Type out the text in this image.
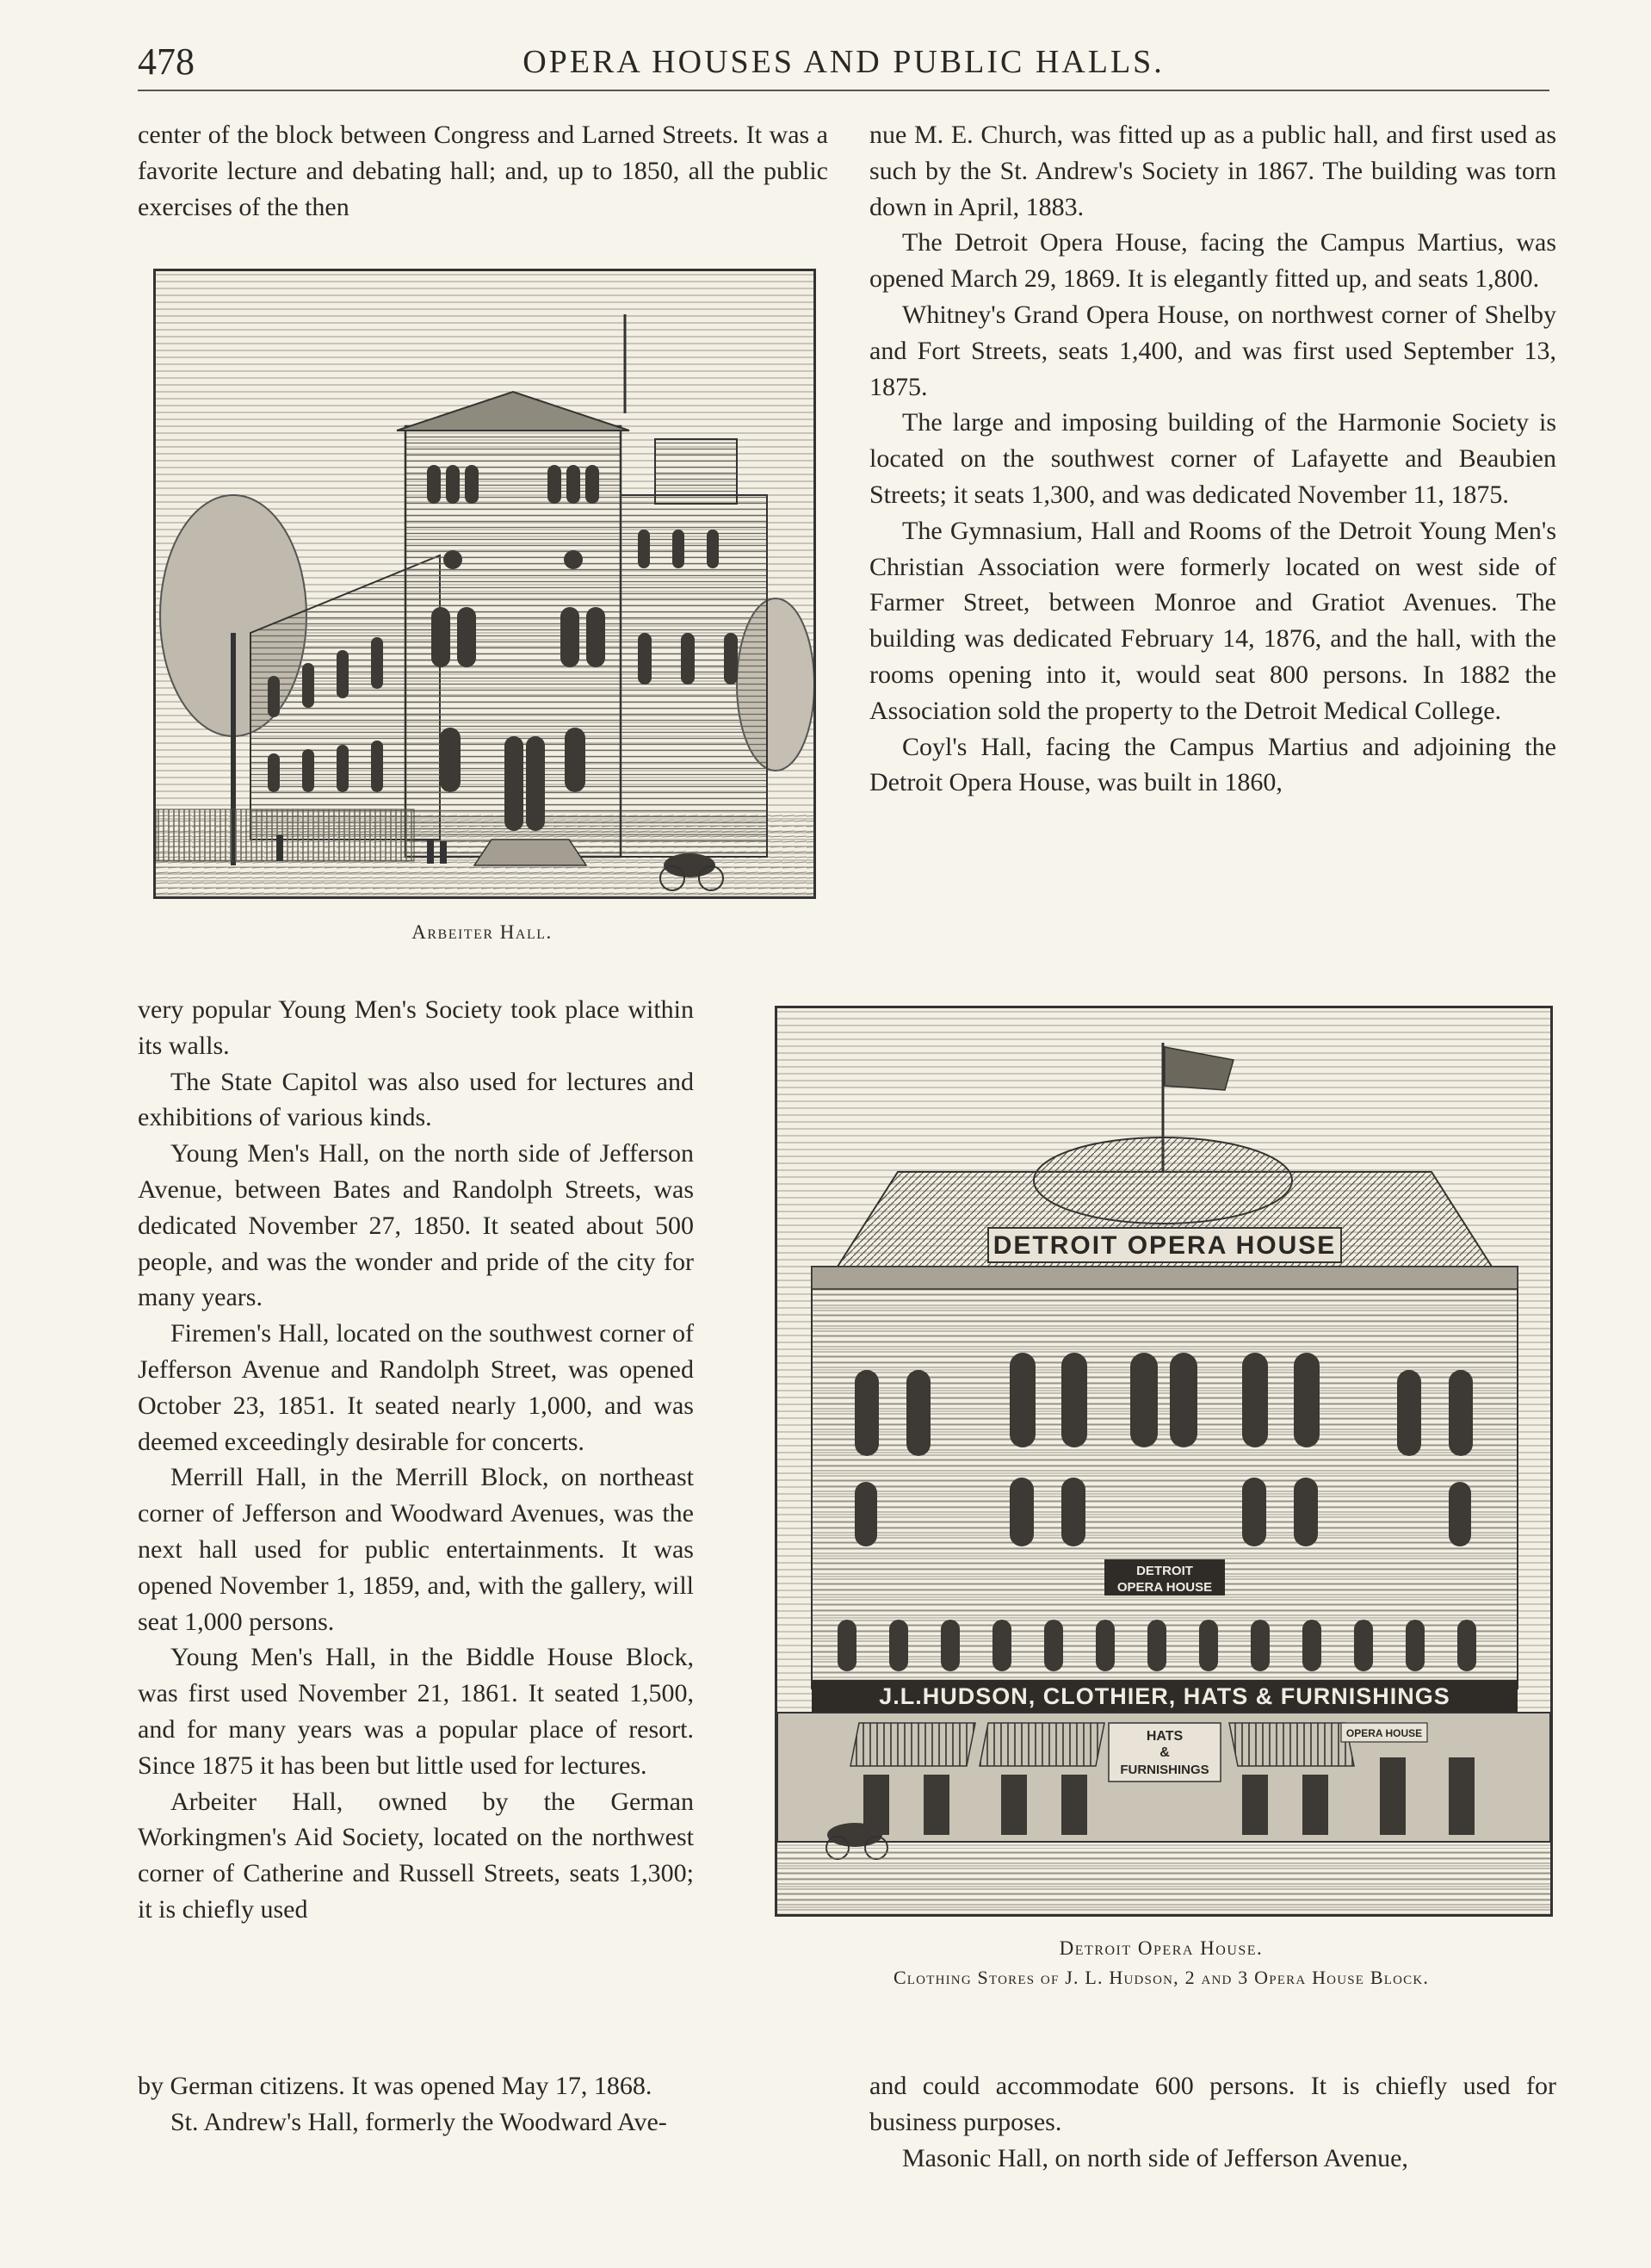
478	OPERA HOUSES AND PUBLIC HALLS.

center of the block between Congress and Larned Streets. It was a favorite lecture and debating hall; and, up to 1850, all the public exercises of the then

Arbeiter Hall.

nue M. E. Church, was fitted up as a public hall, and first used as such by the St. Andrew's Society in 1867. The building was torn down in April, 1883.

The Detroit Opera House, facing the Campus Martius, was opened March 29, 1869. It is elegantly fitted up, and seats 1,800.

Whitney's Grand Opera House, on northwest corner of Shelby and Fort Streets, seats 1,400, and was first used September 13, 1875.

The large and imposing building of the Harmonie Society is located on the southwest corner of Lafayette and Beaubien Streets; it seats 1,300, and was dedicated November 11, 1875.

The Gymnasium, Hall and Rooms of the Detroit Young Men's Christian Association were formerly located on west side of Farmer Street, between Monroe and Gratiot Avenues. The building was dedicated February 14, 1876, and the hall, with the rooms opening into it, would seat 800 persons. In 1882 the Association sold the property to the Detroit Medical College.

Coyl's Hall, facing the Campus Martius and adjoining the Detroit Opera House, was built in 1860,

very popular Young Men's Society took place within its walls.

The State Capitol was also used for lectures and exhibitions of various kinds.

Young Men's Hall, on the north side of Jefferson Avenue, between Bates and Randolph Streets, was dedicated November 27, 1850. It seated about 500 people, and was the wonder and pride of the city for many years.

Firemen's Hall, located on the southwest corner of Jefferson Avenue and Randolph Street, was opened October 23, 1851. It seated nearly 1,000, and was deemed exceedingly desirable for concerts.

Merrill Hall, in the Merrill Block, on northeast corner of Jefferson and Woodward Avenues, was the next hall used for public entertainments. It was opened November 1, 1859, and, with the gallery, will seat 1,000 persons.

Young Men's Hall, in the Biddle House Block, was first used November 21, 1861. It seated 1,500, and for many years was a popular place of resort. Since 1875 it has been but little used for lectures.

Arbeiter Hall, owned by the German Workingmen's Aid Society, located on the northwest corner of Catherine and Russell Streets, seats 1,300; it is chiefly used

DETROIT OPERA HOUSE
DETROIT
OPERA HOUSE
J.L.HUDSON, CLOTHIER, HATS & FURNISHINGS
HATS
&
FURNISHINGS
OPERA HOUSE
Detroit Opera House.
Clothing Stores of J. L. Hudson, 2 and 3 Opera House Block.

by German citizens. It was opened May 17, 1868.

St. Andrew's Hall, formerly the Woodward Ave-

and could accommodate 600 persons. It is chiefly used for business purposes.

Masonic Hall, on north side of Jefferson Avenue,
